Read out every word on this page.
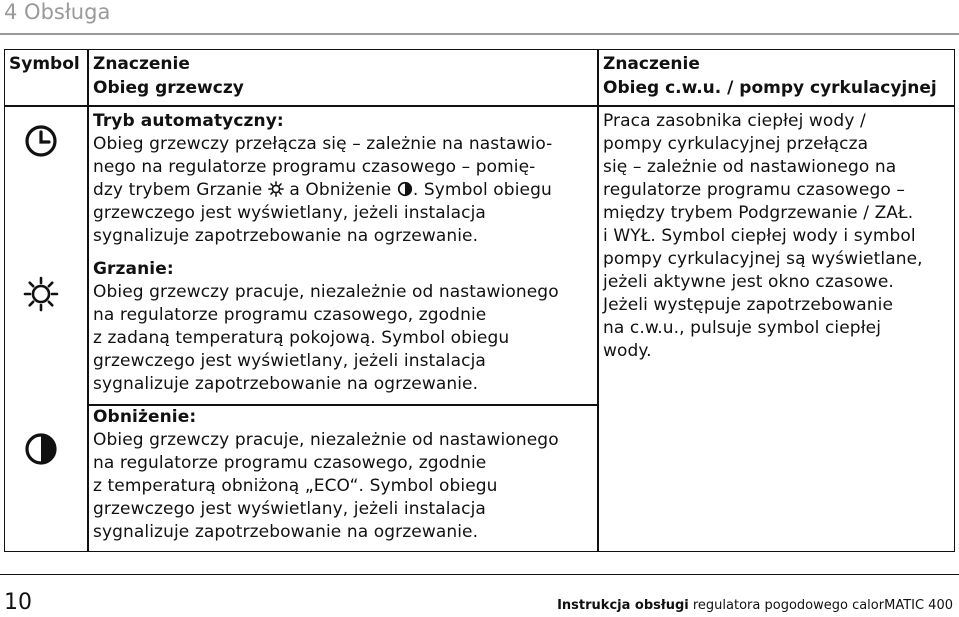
4 Obsługa
Symbol Znaczenie
Obieg grzewczy
Znaczenie
Obieg c.w.u. / pompy cyrkulacyjnej
Tryb automatyczny:
Obieg grzewczy przełącza się – zależnie na nastawio-
nego na regulatorze programu czasowego – pomię-
dzy trybem Grzanie a Obniżenie . Symbol obiegu
grzewczego jest wyświetlany, jeżeli instalacja
sygnalizuje zapotrzebowanie na ogrzewanie.
Grzanie:
Obieg grzewczy pracuje, niezależnie od nastawionego
na regulatorze programu czasowego, zgodnie
z zadaną temperaturą pokojową. Symbol obiegu
grzewczego jest wyświetlany, jeżeli instalacja
sygnalizuje zapotrzebowanie na ogrzewanie.
Obniżenie:
Obieg grzewczy pracuje, niezależnie od nastawionego
na regulatorze programu czasowego, zgodnie
z temperaturą obniżoną „ECO“. Symbol obiegu
grzewczego jest wyświetlany, jeżeli instalacja
sygnalizuje zapotrzebowanie na ogrzewanie.
Praca zasobnika ciepłej wody /
pompy cyrkulacyjnej przełącza
się – zależnie od nastawionego na
regulatorze programu czasowego –
między trybem Podgrzewanie / ZAŁ.
i WYŁ. Symbol ciepłej wody i symbol
pompy cyrkulacyjnej są wyświetlane,
jeżeli aktywne jest okno czasowe.
Jeżeli występuje zapotrzebowanie
na c.w.u., pulsuje symbol ciepłej
wody.
10	Instrukcja obsługi regulatora pogodowego calorMATIC 400
